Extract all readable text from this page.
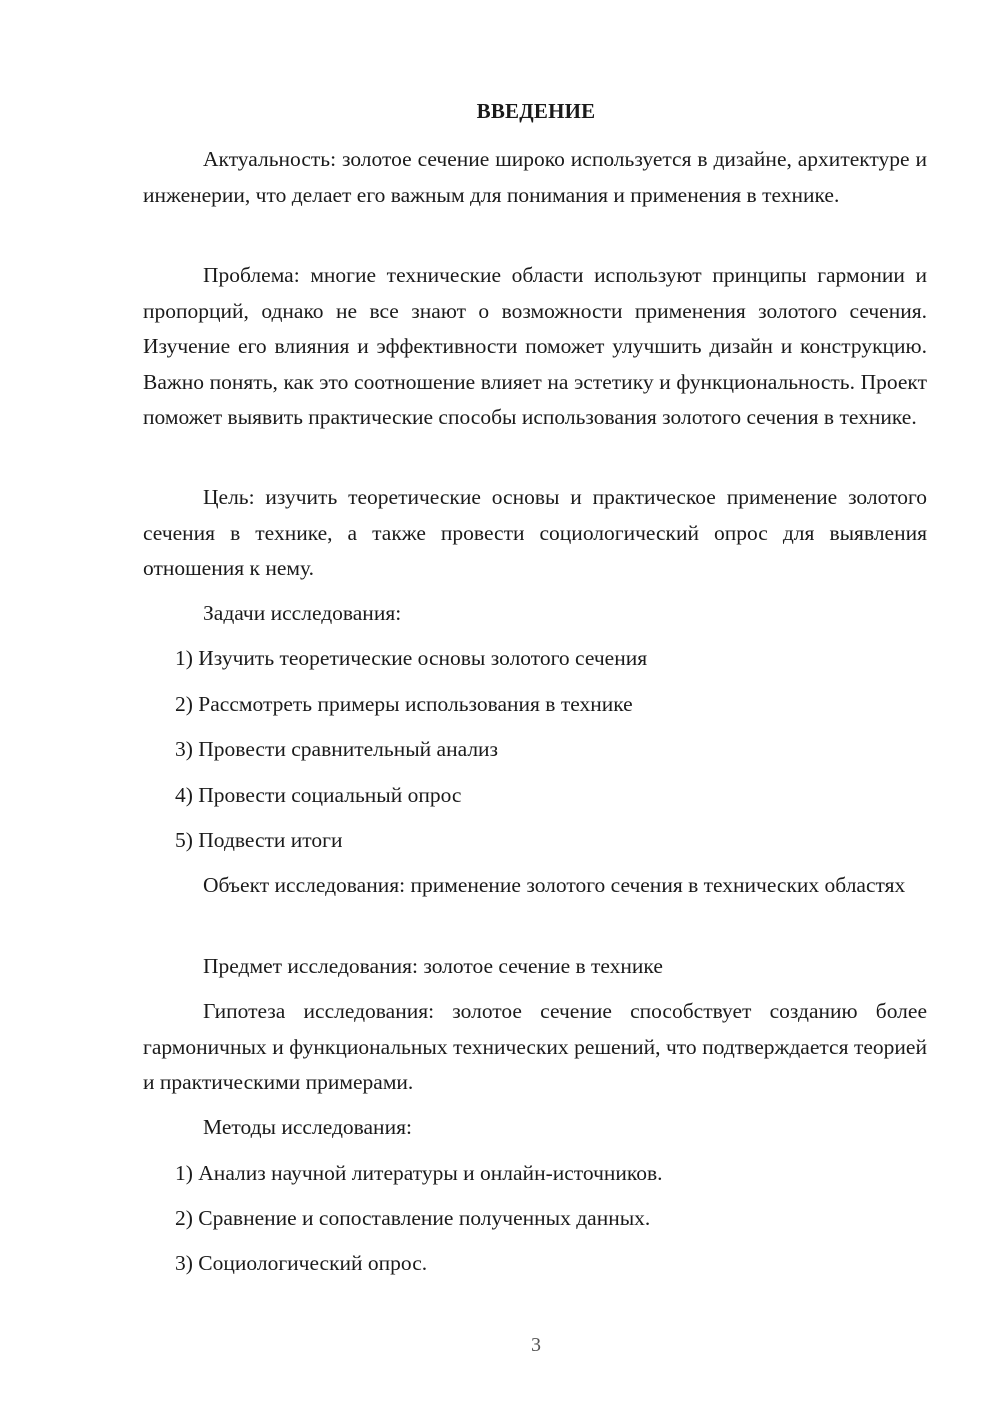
ВВЕДЕНИЕ

Актуальность: золотое сечение широко используется в дизайне, архитектуре и инженерии, что делает его важным для понимания и применения в технике.

Проблема: многие технические области используют принципы гармонии и пропорций, однако не все знают о возможности применения золотого сечения. Изучение его влияния и эффективности поможет улучшить дизайн и конструкцию. Важно понять, как это соотношение влияет на эстетику и функциональность. Проект поможет выявить практические способы использования золотого сечения в технике.

Цель: изучить теоретические основы и практическое применение золотого сечения в технике, а также провести социологический опрос для выявления отношения к нему.

Задачи исследования:

1) Изучить теоретические основы золотого сечения

2) Рассмотреть примеры использования в технике

3) Провести сравнительный анализ

4) Провести социальный опрос

5) Подвести итоги

Объект исследования: применение золотого сечения в технических областях

Предмет исследования: золотое сечение в технике

Гипотеза исследования: золотое сечение способствует созданию более гармоничных и функциональных технических решений, что подтверждается теорией и практическими примерами.

Методы исследования:

1) Анализ научной литературы и онлайн-источников.

2) Сравнение и сопоставление полученных данных.

3) Социологический опрос.

3
